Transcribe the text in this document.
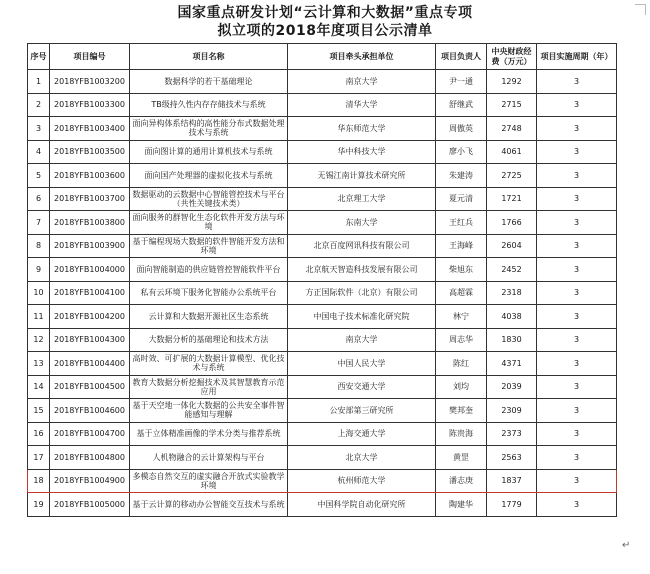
国家重点研发计划“云计算和大数据”重点专项
拟立项的2018年度项目公示清单
序号	项目编号	项目名称	项目牵头承担单位	项目负责人	中央财政经费（万元）	项目实施周期（年）
1	2018YFB1003200	数据科学的若干基础理论	南京大学	尹一通	1292	3
2	2018YFB1003300	TB级持久性内存存储技术与系统	清华大学	舒继武	2715	3
3	2018YFB1003400	面向异构体系结构的高性能分布式数据处理技术与系统	华东师范大学	周傲英	2748	3
4	2018YFB1003500	面向图计算的通用计算机技术与系统	华中科技大学	廖小飞	4061	3
5	2018YFB1003600	面向国产处理器的虚拟化技术与系统	无锡江南计算技术研究所	朱建涛	2725	3
6	2018YFB1003700	数据驱动的云数据中心智能管控技术与平台（共性关键技术类）	北京理工大学	夏元清	1721	3
7	2018YFB1003800	面向服务的群智化生态化软件开发方法与环境	东南大学	王红兵	1766	3
8	2018YFB1003900	基于编程现场大数据的软件智能开发方法和环境	北京百度网讯科技有限公司	王海峰	2604	3
9	2018YFB1004000	面向智能制造的供应链管控智能软件平台	北京航天智造科技发展有限公司	柴旭东	2452	3
10	2018YFB1004100	私有云环境下服务化智能办公系统平台	方正国际软件（北京）有限公司	高超霖	2318	3
11	2018YFB1004200	云计算和大数据开源社区生态系统	中国电子技术标准化研究院	林宁	4038	3
12	2018YFB1004300	大数据分析的基础理论和技术方法	南京大学	周志华	1830	3
13	2018YFB1004400	高时效、可扩展的大数据计算模型、优化技术与系统	中国人民大学	陈红	4371	3
14	2018YFB1004500	教育大数据分析挖掘技术及其智慧教育示范应用	西安交通大学	刘均	2039	3
15	2018YFB1004600	基于天空地一体化大数据的公共安全事件智能感知与理解	公安部第三研究所	樊邦奎	2309	3
16	2018YFB1004700	基于立体精准画像的学术分类与推荐系统	上海交通大学	陈贵海	2373	3
17	2018YFB1004800	人机物融合的云计算架构与平台	北京大学	黄罡	2563	3
18	2018YFB1004900	多模态自然交互的虚实融合开放式实验教学环境	杭州师范大学	潘志庚	1837	3
19	2018YFB1005000	基于云计算的移动办公智能交互技术与系统	中国科学院自动化研究所	陶建华	1779	3
↵
